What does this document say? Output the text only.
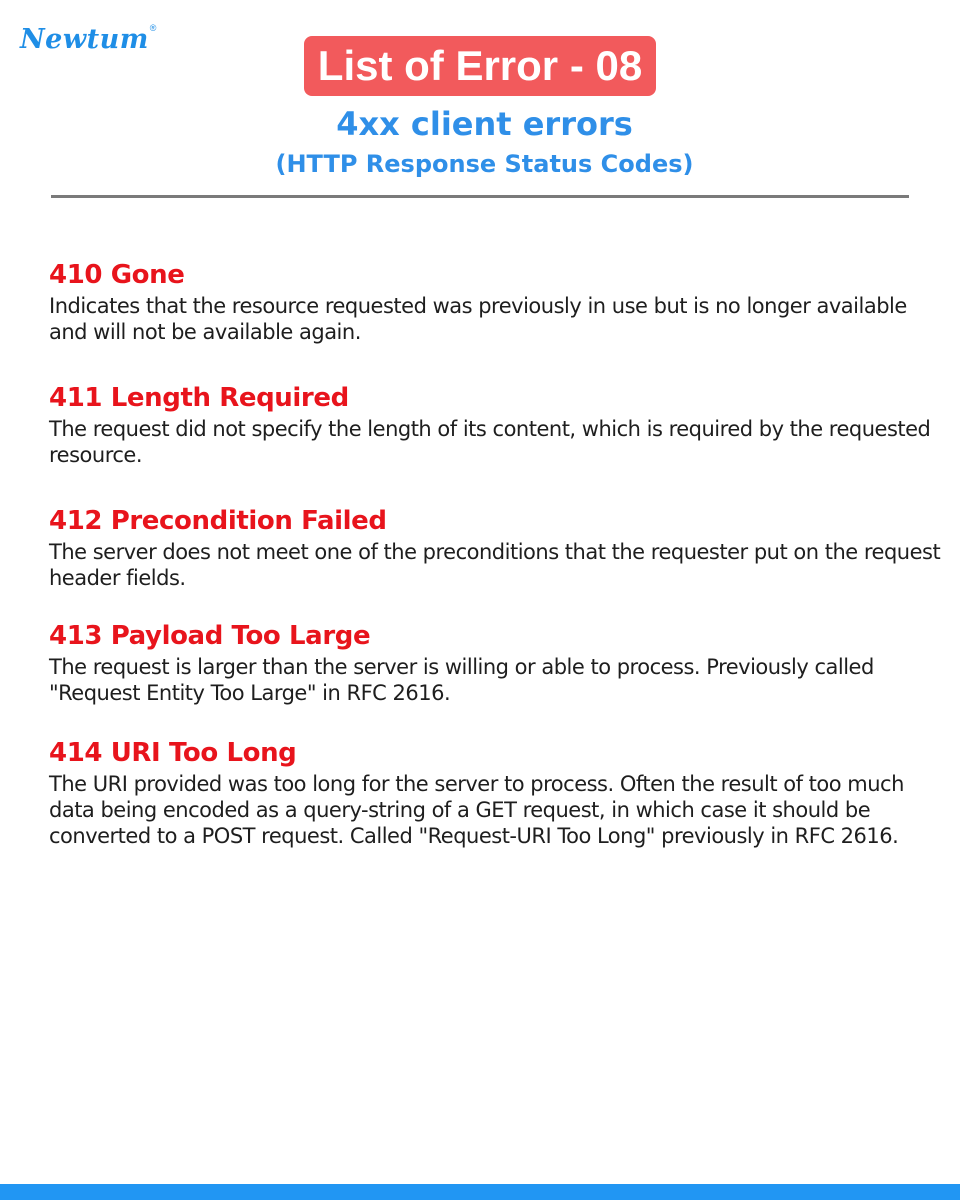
Newtum ®
List of Error - 08
4xx client errors
(HTTP Response Status Codes)
410 Gone

Indicates that the resource requested was previously in use but is no longer available and will not be available again.

411 Length Required

The request did not specify the length of its content, which is required by the requested resource.

412 Precondition Failed

The server does not meet one of the preconditions that the requester put on the request header fields.

413 Payload Too Large

The request is larger than the server is willing or able to process. Previously called "Request Entity Too Large" in RFC 2616.

414 URI Too Long

The URI provided was too long for the server to process. Often the result of too much data being encoded as a query-string of a GET request, in which case it should be converted to a POST request. Called "Request-URI Too Long" previously in RFC 2616.
